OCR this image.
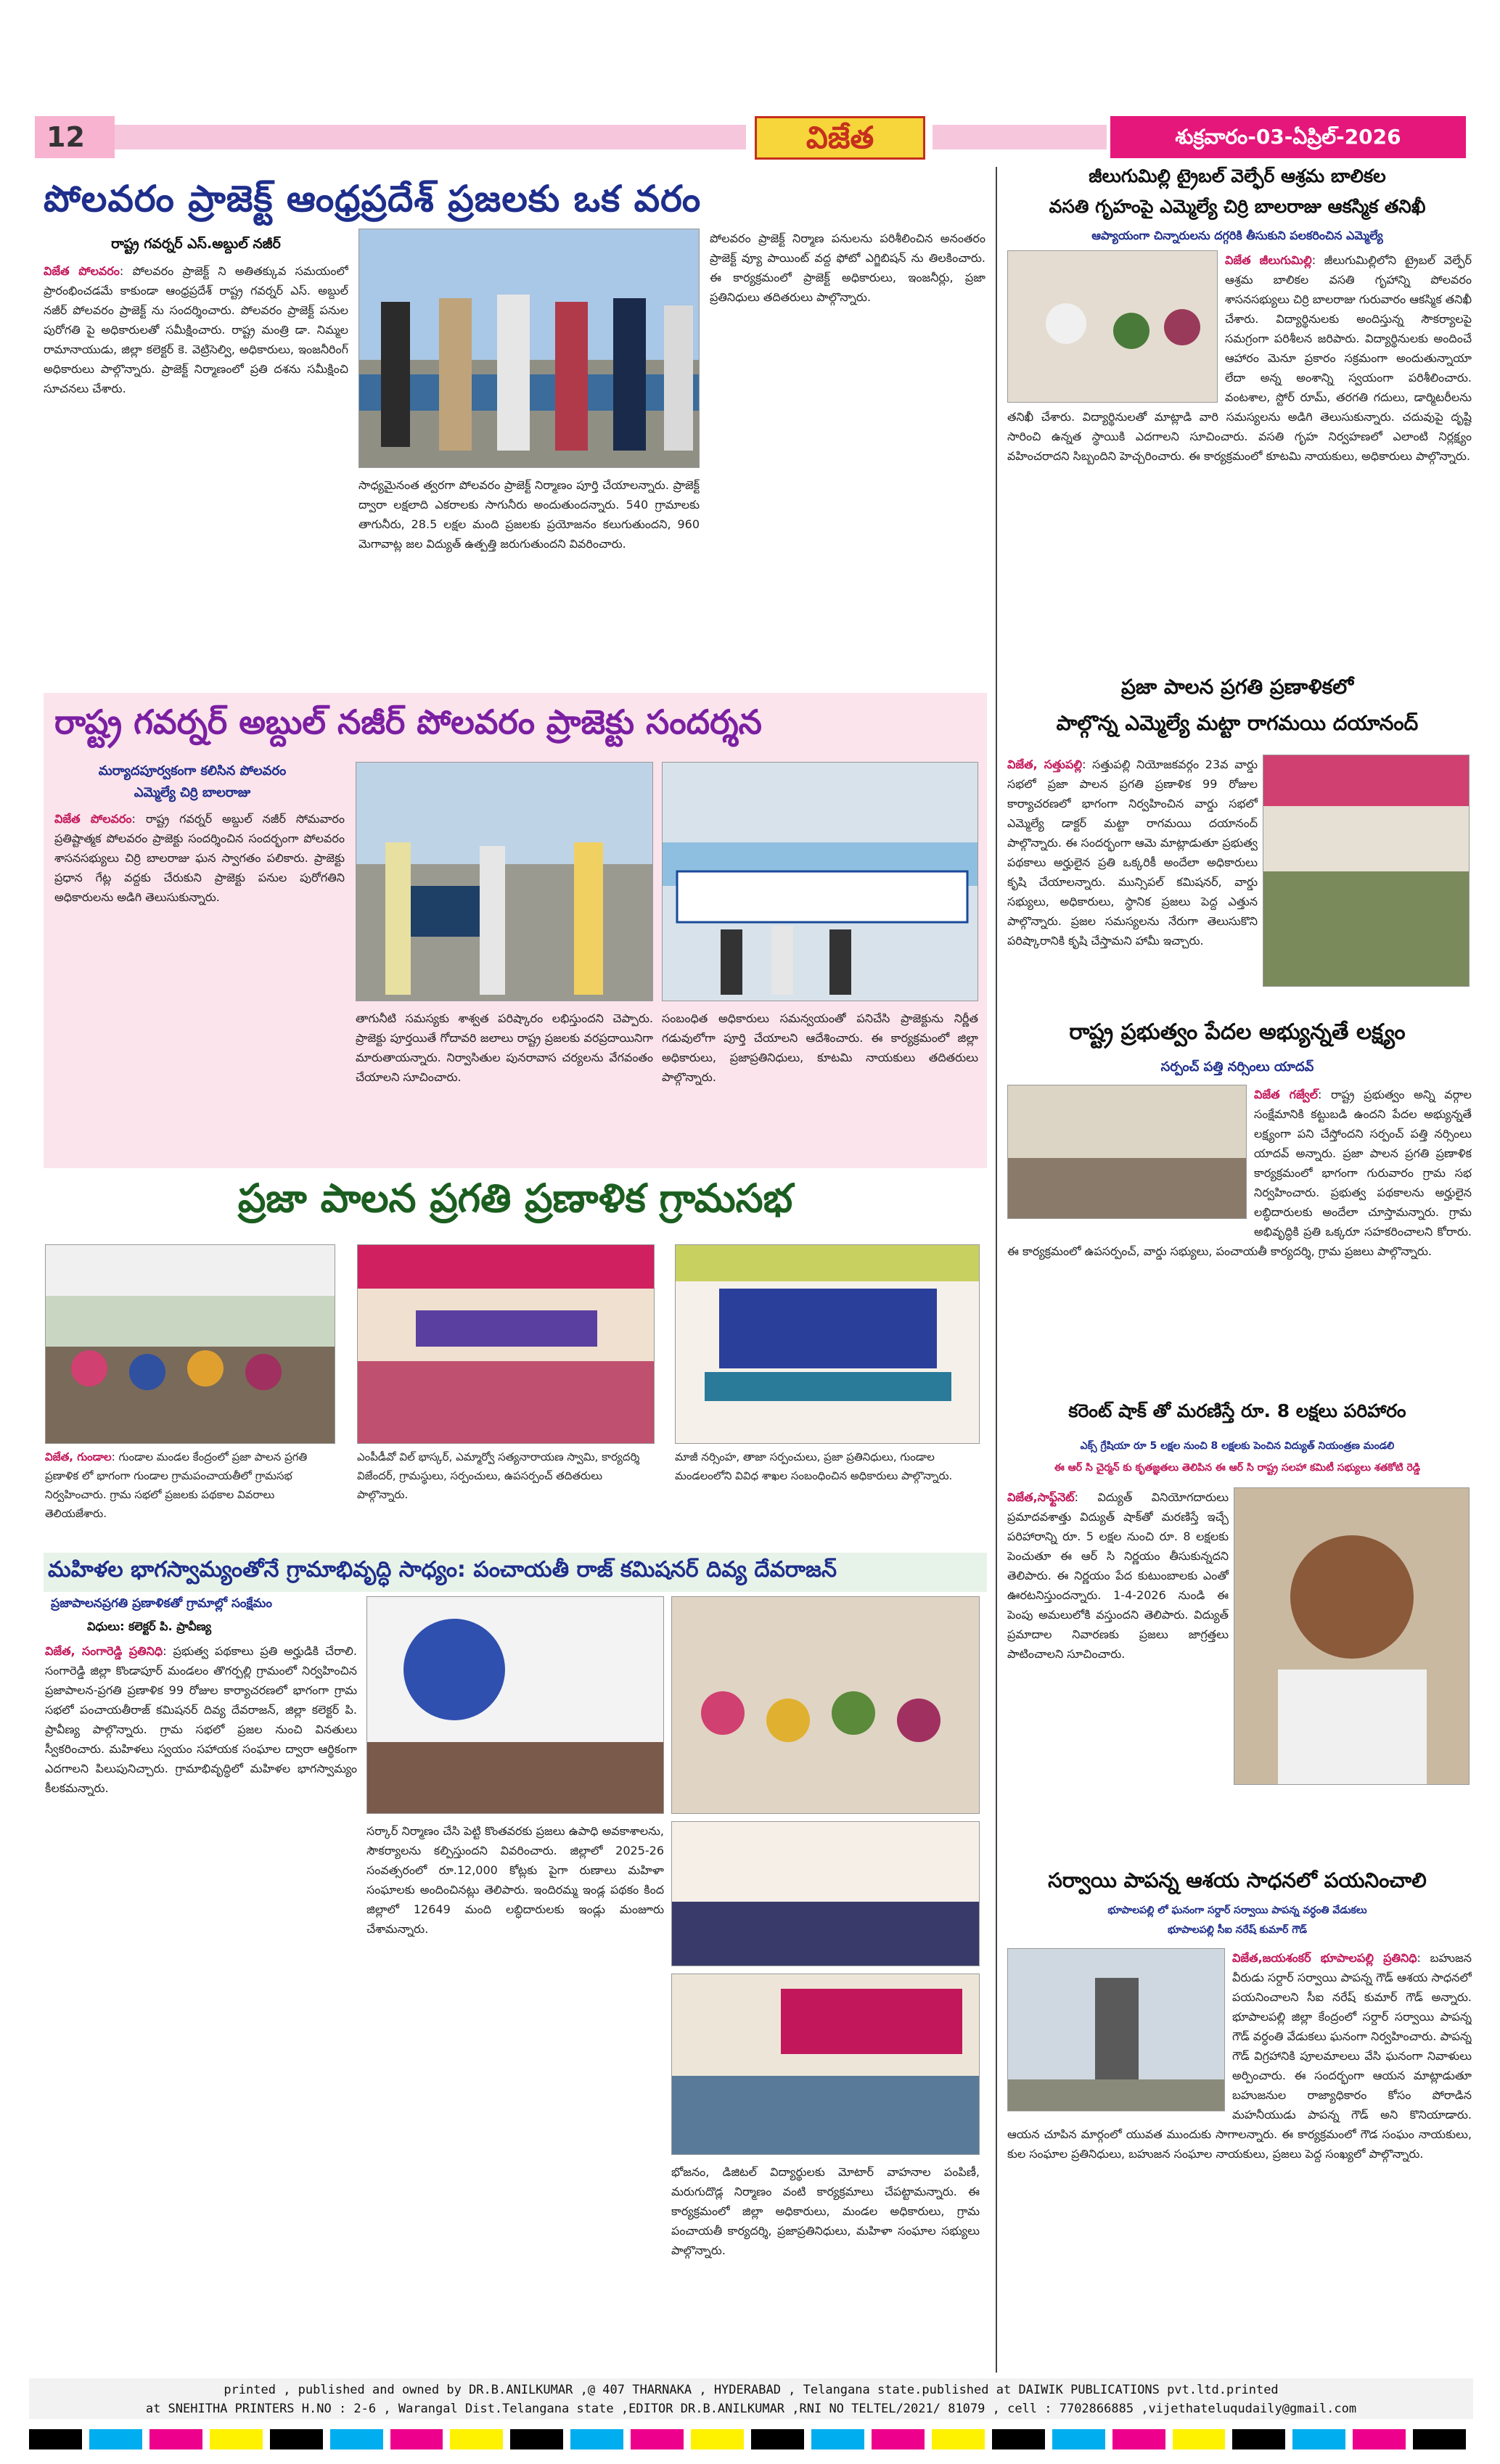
12	విజేత	శుక్రవారం-03-ఏప్రిల్-2026
పోలవరం ప్రాజెక్ట్ ఆంధ్రప్రదేశ్ ప్రజలకు ఒక వరం
రాష్ట్ర గవర్నర్ ఎస్.అబ్దుల్ నజీర్
విజేత పోలవరం: పోలవరం ప్రాజెక్ట్ ని అతితక్కువ సమయంలో ప్రారంభించడమే కాకుండా ఆంధ్రప్రదేశ్ రాష్ట్ర గవర్నర్ ఎస్. అబ్దుల్ నజీర్ పోలవరం ప్రాజెక్ట్ ను సందర్శించారు. పోలవరం ప్రాజెక్ట్ పనుల పురోగతి పై అధికారులతో సమీక్షించారు. రాష్ట్ర మంత్రి డా. నిమ్మల రామానాయుడు, జిల్లా కలెక్టర్ కె. వెట్రిసెల్వి, అధికారులు, ఇంజనీరింగ్ అధికారులు పాల్గొన్నారు. ప్రాజెక్ట్ నిర్మాణంలో ప్రతి దశను సమీక్షించి సూచనలు చేశారు.
సాధ్యమైనంత త్వరగా పోలవరం ప్రాజెక్ట్ నిర్మాణం పూర్తి చేయాలన్నారు. ప్రాజెక్ట్ ద్వారా లక్షలాది ఎకరాలకు సాగునీరు అందుతుందన్నారు. 540 గ్రామాలకు తాగునీరు, 28.5 లక్షల మంది ప్రజలకు ప్రయోజనం కలుగుతుందని, 960 మెగావాట్ల జల విద్యుత్ ఉత్పత్తి జరుగుతుందని వివరించారు.
పోలవరం ప్రాజెక్ట్ నిర్మాణ పనులను పరిశీలించిన అనంతరం ప్రాజెక్ట్ వ్యూ పాయింట్ వద్ద ఫోటో ఎగ్జిబిషన్ ను తిలకించారు. ఈ కార్యక్రమంలో ప్రాజెక్ట్ అధికారులు, ఇంజనీర్లు, ప్రజా ప్రతినిధులు తదితరులు పాల్గొన్నారు.
రాష్ట్ర గవర్నర్ అబ్దుల్ నజీర్ పోలవరం ప్రాజెక్టు సందర్శన
మర్యాదపూర్వకంగా కలిసిన పోలవరం
ఎమ్మెల్యే చిర్రి బాలరాజు
విజేత పోలవరం: రాష్ట్ర గవర్నర్ అబ్దుల్ నజీర్ సోమవారం ప్రతిష్టాత్మక పోలవరం ప్రాజెక్టు సందర్శించిన సందర్భంగా పోలవరం శాసనసభ్యులు చిర్రి బాలరాజు ఘన స్వాగతం పలికారు. ప్రాజెక్టు ప్రధాన గేట్ల వద్దకు చేరుకుని ప్రాజెక్టు పనుల పురోగతిని అధికారులను అడిగి తెలుసుకున్నారు.
తాగునీటి సమస్యకు శాశ్వత పరిష్కారం లభిస్తుందని చెప్పారు. ప్రాజెక్టు పూర్తయితే గోదావరి జలాలు రాష్ట్ర ప్రజలకు వరప్రదాయినిగా మారుతాయన్నారు. నిర్వాసితుల పునరావాస చర్యలను వేగవంతం చేయాలని సూచించారు.
సంబంధిత అధికారులు సమన్వయంతో పనిచేసి ప్రాజెక్టును నిర్ణీత గడువులోగా పూర్తి చేయాలని ఆదేశించారు. ఈ కార్యక్రమంలో జిల్లా అధికారులు, ప్రజాప్రతినిధులు, కూటమి నాయకులు తదితరులు పాల్గొన్నారు.
ప్రజా పాలన ప్రగతి ప్రణాళిక గ్రామసభ
విజేత, గుండాల: గుండాల మండల కేంద్రంలో ప్రజా పాలన ప్రగతి ప్రణాళిక లో భాగంగా గుండాల గ్రామపంచాయతీలో గ్రామసభ నిర్వహించారు. గ్రామ సభలో ప్రజలకు పథకాల వివరాలు తెలియజేశారు.
ఎంపీడీవో విల్ భాస్కర్, ఎమ్మార్వో సత్యనారాయణ స్వామి, కార్యదర్శి విజేందర్, గ్రామస్థులు, సర్పంచులు, ఉపసర్పంచ్ తదితరులు పాల్గొన్నారు.
మాజీ నర్సింహ, తాజా సర్పంచులు, ప్రజా ప్రతినిధులు, గుండాల మండలంలోని వివిధ శాఖల సంబంధించిన అధికారులు పాల్గొన్నారు.
మహిళల భాగస్వామ్యంతోనే గ్రామాభివృద్ధి సాధ్యం: పంచాయతీ రాజ్ కమిషనర్ దివ్య దేవరాజన్
ప్రజాపాలనప్రగతి ప్రణాళికతో గ్రామాల్లో సంక్షేమం
విధులు: కలెక్టర్ పి. ప్రావీణ్య
విజేత, సంగారెడ్డి ప్రతినిధి: ప్రభుత్వ పథకాలు ప్రతి అర్హుడికి చేరాలి. సంగారెడ్డి జిల్లా కొండాపూర్ మండలం తొగర్పల్లి గ్రామంలో నిర్వహించిన ప్రజాపాలన-ప్రగతి ప్రణాళిక 99 రోజుల కార్యాచరణలో భాగంగా గ్రామ సభలో పంచాయతీరాజ్ కమిషనర్ దివ్య దేవరాజన్, జిల్లా కలెక్టర్ పి. ప్రావీణ్య పాల్గొన్నారు. గ్రామ సభలో ప్రజల నుంచి వినతులు స్వీకరించారు. మహిళలు స్వయం సహాయక సంఘాల ద్వారా ఆర్థికంగా ఎదగాలని పిలుపునిచ్చారు. గ్రామాభివృద్ధిలో మహిళల భాగస్వామ్యం కీలకమన్నారు.
సర్కార్ నిర్మాణం చేసి పెట్టి కొంతవరకు ప్రజలు ఉపాధి అవకాశాలను, సౌకర్యాలను కల్పిస్తుందని వివరించారు. జిల్లాలో 2025-26 సంవత్సరంలో రూ.12,000 కోట్లకు పైగా రుణాలు మహిళా సంఘాలకు అందించినట్లు తెలిపారు. ఇందిరమ్మ ఇండ్ల పథకం కింద జిల్లాలో 12649 మంది లబ్ధిదారులకు ఇండ్లు మంజూరు చేశామన్నారు.
భోజనం, డిజిటల్ విద్యార్థులకు మోటార్ వాహనాల పంపిణీ, మరుగుదొడ్ల నిర్మాణం వంటి కార్యక్రమాలు చేపట్టామన్నారు. ఈ కార్యక్రమంలో జిల్లా అధికారులు, మండల అధికారులు, గ్రామ పంచాయతీ కార్యదర్శి, ప్రజాప్రతినిధులు, మహిళా సంఘాల సభ్యులు పాల్గొన్నారు.
జీలుగుమిల్లి ట్రైబల్ వెల్ఫేర్ ఆశ్రమ బాలికల
వసతి గృహంపై ఎమ్మెల్యే చిర్రి బాలరాజు ఆకస్మిక తనిఖీ
ఆప్యాయంగా చిన్నారులను దగ్గరికి తీసుకుని పలకరించిన ఎమ్మెల్యే
విజేత జీలుగుమిల్లి: జీలుగుమిల్లిలోని ట్రైబల్ వెల్ఫేర్ ఆశ్రమ బాలికల వసతి గృహాన్ని పోలవరం శాసనసభ్యులు చిర్రి బాలరాజు గురువారం ఆకస్మిక తనిఖీ చేశారు. విద్యార్థినులకు అందిస్తున్న సౌకర్యాలపై సమగ్రంగా పరిశీలన జరిపారు. విద్యార్థినులకు అందించే ఆహారం మెనూ ప్రకారం సక్రమంగా అందుతున్నాయా లేదా అన్న అంశాన్ని స్వయంగా పరిశీలించారు. వంటశాల, స్టోర్ రూమ్, తరగతి గదులు, డార్మిటరీలను తనిఖీ చేశారు. విద్యార్థినులతో మాట్లాడి వారి సమస్యలను అడిగి తెలుసుకున్నారు. చదువుపై దృష్టి సారించి ఉన్నత స్థాయికి ఎదగాలని సూచించారు. వసతి గృహ నిర్వహణలో ఎలాంటి నిర్లక్ష్యం వహించరాదని సిబ్బందిని హెచ్చరించారు. ఈ కార్యక్రమంలో కూటమి నాయకులు, అధికారులు పాల్గొన్నారు.
ప్రజా పాలన ప్రగతి ప్రణాళికలో
పాల్గొన్న ఎమ్మెల్యే మట్టా రాగమయి దయానంద్
విజేత, సత్తుపల్లి: సత్తుపల్లి నియోజకవర్గం 23వ వార్డు సభలో ప్రజా పాలన ప్రగతి ప్రణాళిక 99 రోజుల కార్యాచరణలో భాగంగా నిర్వహించిన వార్డు సభలో ఎమ్మెల్యే డాక్టర్ మట్టా రాగమయి దయానంద్ పాల్గొన్నారు. ఈ సందర్భంగా ఆమె మాట్లాడుతూ ప్రభుత్వ పథకాలు అర్హులైన ప్రతి ఒక్కరికీ అందేలా అధికారులు కృషి చేయాలన్నారు. మున్సిపల్ కమిషనర్, వార్డు సభ్యులు, అధికారులు, స్థానిక ప్రజలు పెద్ద ఎత్తున పాల్గొన్నారు. ప్రజల సమస్యలను నేరుగా తెలుసుకొని పరిష్కారానికి కృషి చేస్తామని హామీ ఇచ్చారు.
రాష్ట్ర ప్రభుత్వం పేదల అభ్యున్నతే లక్ష్యం
సర్పంచ్ పత్తి నర్సింలు యాదవ్
విజేత గజ్వేల్: రాష్ట్ర ప్రభుత్వం అన్ని వర్గాల సంక్షేమానికి కట్టుబడి ఉందని పేదల అభ్యున్నతే లక్ష్యంగా పని చేస్తోందని సర్పంచ్ పత్తి నర్సింలు యాదవ్ అన్నారు. ప్రజా పాలన ప్రగతి ప్రణాళిక కార్యక్రమంలో భాగంగా గురువారం గ్రామ సభ నిర్వహించారు. ప్రభుత్వ పథకాలను అర్హులైన లబ్ధిదారులకు అందేలా చూస్తామన్నారు. గ్రామ అభివృద్ధికి ప్రతి ఒక్కరూ సహకరించాలని కోరారు. ఈ కార్యక్రమంలో ఉపసర్పంచ్, వార్డు సభ్యులు, పంచాయతీ కార్యదర్శి, గ్రామ ప్రజలు పాల్గొన్నారు.
కరెంట్ షాక్ తో మరణిస్తే రూ. 8 లక్షలు పరిహారం
ఎక్స్ గ్రేషియా రూ 5 లక్షల నుంచి 8 లక్షలకు పెంచిన విద్యుత్ నియంత్రణ మండలి
ఈ ఆర్ సి చైర్మన్ కు కృతజ్ఞతలు తెలిపిన ఈ ఆర్ సి రాష్ట్ర సలహా కమిటీ సభ్యులు శతకోటి రెడ్డి
విజేత,సాఫ్ట్‌నెట్: విద్యుత్ వినియోగదారులు ప్రమాదవశాత్తు విద్యుత్ షాక్‌తో మరణిస్తే ఇచ్చే పరిహారాన్ని రూ. 5 లక్షల నుంచి రూ. 8 లక్షలకు పెంచుతూ ఈ ఆర్ సి నిర్ణయం తీసుకున్నదని తెలిపారు. ఈ నిర్ణయం పేద కుటుంబాలకు ఎంతో ఊరటనిస్తుందన్నారు. 1-4-2026 నుండి ఈ పెంపు అమలులోకి వస్తుందని తెలిపారు. విద్యుత్ ప్రమాదాల నివారణకు ప్రజలు జాగ్రత్తలు పాటించాలని సూచించారు.
సర్వాయి పాపన్న ఆశయ సాధనలో పయనించాలి
భూపాలపల్లి లో ఘనంగా సర్దార్ సర్వాయి పాపన్న వర్ధంతి వేడుకలు
భూపాలపల్లి సీఐ నరేష్ కుమార్ గౌడ్
విజేత,జయశంకర్ భూపాలపల్లి ప్రతినిధి: బహుజన వీరుడు సర్దార్ సర్వాయి పాపన్న గౌడ్ ఆశయ సాధనలో పయనించాలని సీఐ నరేష్ కుమార్ గౌడ్ అన్నారు. భూపాలపల్లి జిల్లా కేంద్రంలో సర్దార్ సర్వాయి పాపన్న గౌడ్ వర్ధంతి వేడుకలు ఘనంగా నిర్వహించారు. పాపన్న గౌడ్ విగ్రహానికి పూలమాలలు వేసి ఘనంగా నివాళులు అర్పించారు. ఈ సందర్భంగా ఆయన మాట్లాడుతూ బహుజనుల రాజ్యాధికారం కోసం పోరాడిన మహనీయుడు పాపన్న గౌడ్ అని కొనియాడారు. ఆయన చూపిన మార్గంలో యువత ముందుకు సాగాలన్నారు. ఈ కార్యక్రమంలో గౌడ సంఘం నాయకులు, కుల సంఘాల ప్రతినిధులు, బహుజన సంఘాల నాయకులు, ప్రజలు పెద్ద సంఖ్యలో పాల్గొన్నారు.
printed , published and owned by DR.B.ANILKUMAR ,@ 407 THARNAKA , HYDERABAD , Telangana state.published at DAIWIK PUBLICATIONS pvt.ltd.printed
at SNEHITHA PRINTERS H.NO : 2-6 , Warangal Dist.Telangana state ,EDITOR DR.B.ANILKUMAR ,RNI NO TELTEL/2021/ 81079 , cell : 7702866885 ,vijethateluqudaily@gmail.com
